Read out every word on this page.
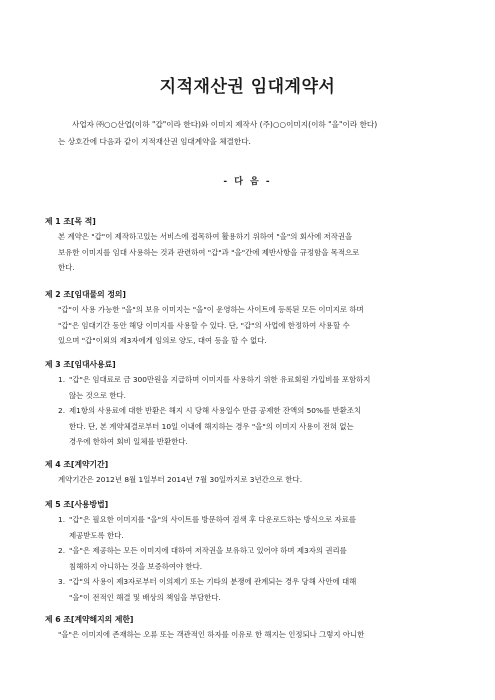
지적재산권 임대계약서
사업자 ㈜○○산업(이하 "갑"이라 한다)와 이미지 제작사 (주)○○이미지(이하 "을"이라 한다)
는 상호간에 다음과 같이 지적재산권 임대계약을 체결한다.
- 다 음 -
제 1 조[목 적]
본 계약은 "갑"이 제작하고있는 서비스에 접목하여 활용하기 위하여 "을"의 회사에 저작권을
보유한 이미지를 임대 사용하는 것과 관련하여 "갑"과 "을"간에 제반사항을 규정함을 목적으로
한다.
제 2 조[임대물의 정의]
"갑"이 사용 가능한 "을"의 보유 이미지는 "을"이 운영하는 사이트에 등록된 모든 이미지로 하며
"갑"은 임대기간 동안 해당 이미지를 사용할 수 있다. 단, "갑"의 사업에 한정하여 사용할 수
있으며 "갑"이외의 제3자에게 임의로 양도, 대여 등을 할 수 없다.
제 3 조[임대사용료]
1. "갑"은 임대료로 금 300만원을 지급하며 이미지를 사용하기 위한 유료회원 가입비를 포함하지
않는 것으로 한다.
2. 제1항의 사용료에 대한 반환은 해지 시 당해 사용일수 만큼 공제한 잔액의 50%를 반환조치
한다. 단, 본 계약체결로부터 10일 이내에 해지하는 경우 "을"의 이미지 사용이 전혀 없는
경우에 한하여 회비 일체를 반환한다.
제 4 조[계약기간]
계약기간은 2012년 8월 1일부터 2014년 7월 30일까지로 3년간으로 한다.
제 5 조[사용방법]
1. "갑"은 필요한 이미지를 "을"의 사이트를 방문하여 검색 후 다운로드하는 방식으로 자료를
제공받도록 한다.
2. "을"은 제공하는 모든 이미지에 대하여 저작권을 보유하고 있어야 하며 제3자의 권리를
침해하지 아니하는 것을 보증하여야 한다.
3. "갑"의 사용이 제3자로부터 이의제기 또는 기타의 분쟁에 관계되는 경우 당해 사안에 대해
"을"이 전적인 해결 및 배상의 책임을 부담한다.
제 6 조[계약해지의 제한]
"을"은 이미지에 존재하는 오류 또는 객관적인 하자를 이유로 한 해지는 인정되나 그렇지 아니한
